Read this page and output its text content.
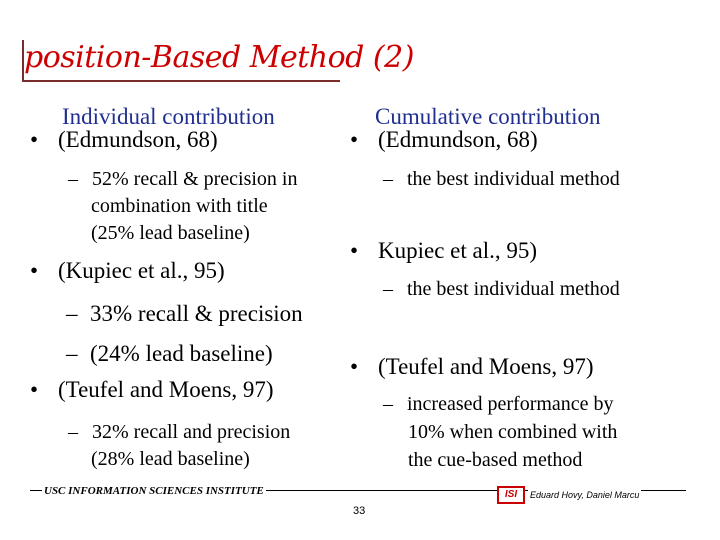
position-Based Method (2)
Individual contribution
• (Edmundson, 68)
– 52% recall & precision in
combination with title
(25% lead baseline)
• (Kupiec et al., 95)
– 33% recall & precision
– (24% lead baseline)
• (Teufel and Moens, 97)
– 32% recall and precision
(28% lead baseline)
Cumulative contribution
• (Edmundson, 68)
– the best individual method
• Kupiec et al., 95)
– the best individual method
• (Teufel and Moens, 97)
– increased performance by
10% when combined with
the cue-based method
USC INFORMATION SCIENCES INSTITUTE	ISI	Eduard Hovy, Daniel Marcu
33
